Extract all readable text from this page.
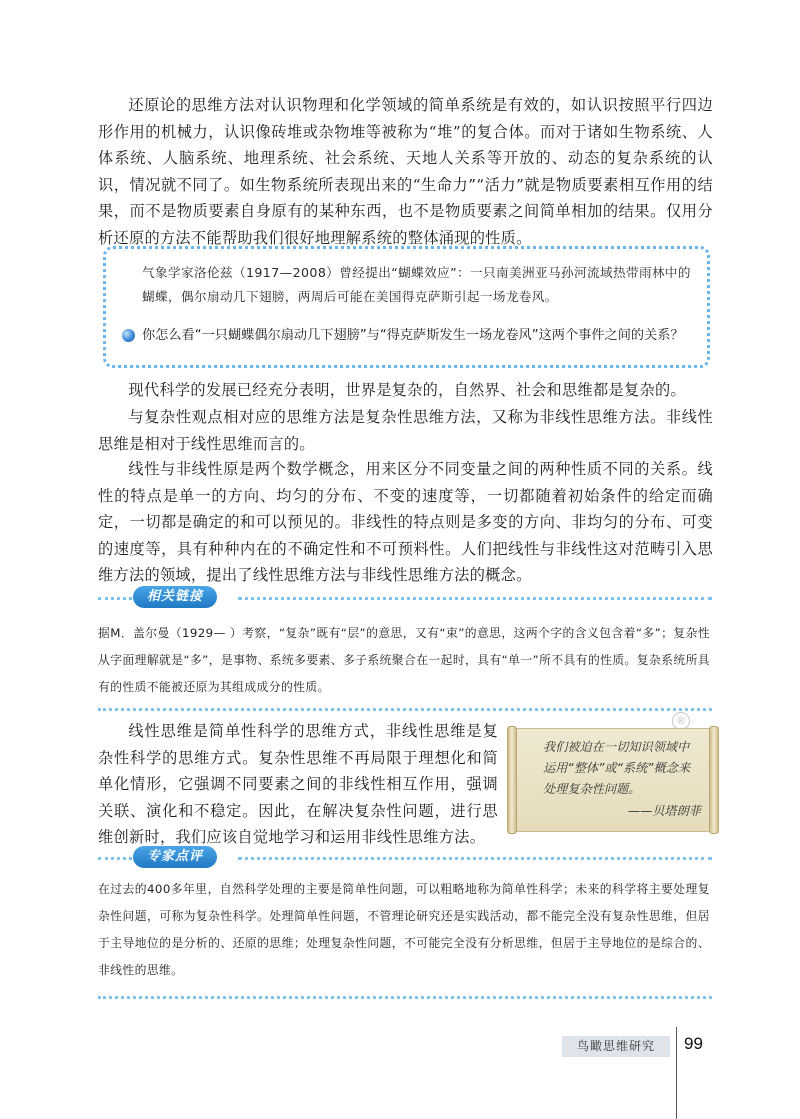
还原论的思维方法对认识物理和化学领域的简单系统是有效的，如认识按照平行四边形作用的机械力，认识像砖堆或杂物堆等被称为“堆”的复合体。而对于诸如生物系统、人体系统、人脑系统、地理系统、社会系统、天地人关系等开放的、动态的复杂系统的认识，情况就不同了。如生物系统所表现出来的“生命力”“活力”就是物质要素相互作用的结果，而不是物质要素自身原有的某种东西，也不是物质要素之间简单相加的结果。仅用分析还原的方法不能帮助我们很好地理解系统的整体涌现的性质。

气象学家洛伦兹（1917—2008）曾经提出“蝴蝶效应”：一只南美洲亚马孙河流域热带雨林中的蝴蝶，偶尔扇动几下翅膀，两周后可能在美国得克萨斯引起一场龙卷风。

你怎么看“一只蝴蝶偶尔扇动几下翅膀”与“得克萨斯发生一场龙卷风”这两个事件之间的关系？

现代科学的发展已经充分表明，世界是复杂的，自然界、社会和思维都是复杂的。

与复杂性观点相对应的思维方法是复杂性思维方法，又称为非线性思维方法。非线性思维是相对于线性思维而言的。

线性与非线性原是两个数学概念，用来区分不同变量之间的两种性质不同的关系。线性的特点是单一的方向、均匀的分布、不变的速度等，一切都随着初始条件的给定而确定，一切都是确定的和可以预见的。非线性的特点则是多变的方向、非均匀的分布、可变的速度等，具有种种内在的不确定性和不可预料性。人们把线性与非线性这对范畴引入思维方法的领域，提出了线性思维方法与非线性思维方法的概念。

相关链接

据M．盖尔曼（1929— ）考察，“复杂”既有“层”的意思，又有“束”的意思，这两个字的含义包含着“多”；复杂性从字面理解就是“多”，是事物、系统多要素、多子系统聚合在一起时，具有“单一”所不具有的性质。复杂系统所具有的性质不能被还原为其组成成分的性质。

线性思维是简单性科学的思维方式，非线性思维是复杂性科学的思维方式。复杂性思维不再局限于理想化和简单化情形，它强调不同要素之间的非线性相互作用，强调关联、演化和不稳定。因此，在解决复杂性问题，进行思维创新时，我们应该自觉地学习和运用非线性思维方法。

®

我们被迫在一切知识领域中运用“整体”或“系统”概念来处理复杂性问题。

——贝塔朗菲

专家点评

在过去的400多年里，自然科学处理的主要是简单性问题，可以粗略地称为简单性科学；未来的科学将主要处理复杂性问题，可称为复杂性科学。处理简单性问题，不管理论研究还是实践活动，都不能完全没有复杂性思维，但居于主导地位的是分析的、还原的思维；处理复杂性问题，不可能完全没有分析思维，但居于主导地位的是综合的、非线性的思维。

鸟瞰思维研究	99
